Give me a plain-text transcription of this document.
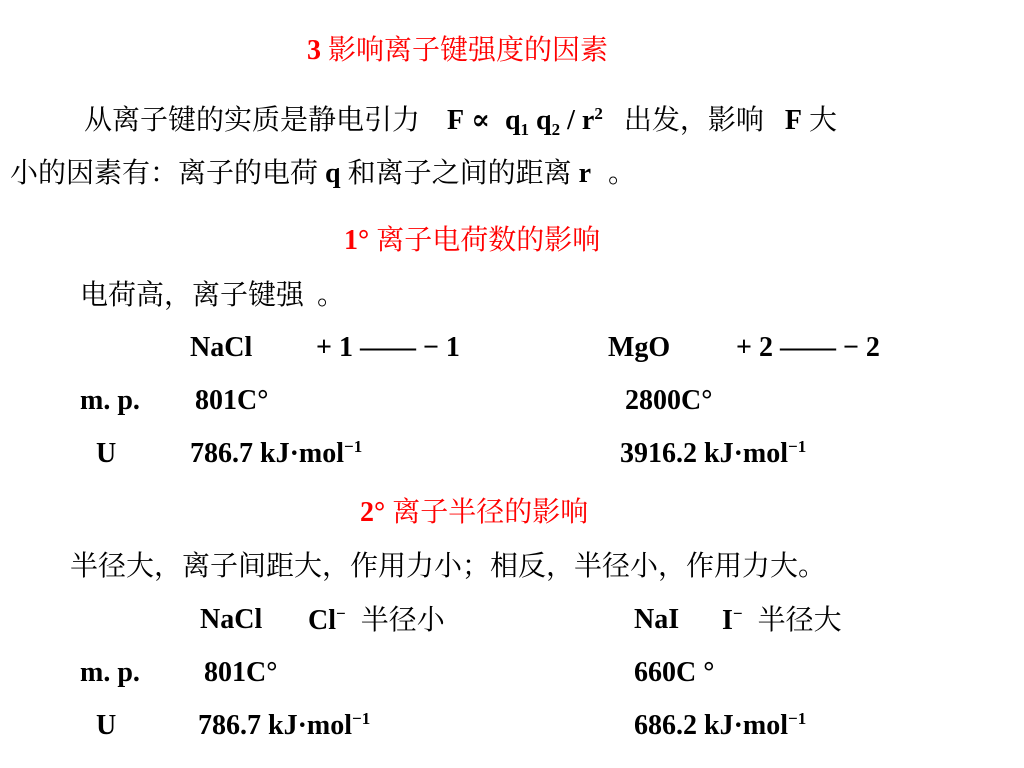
3 影响离子键强度的因素
从离子键的实质是静电引力 $F \propto q_1$ $q_2 / r^2$ 出发，影响 F 大
小的因素有：离子的电荷 q 和离子之间的距离 r 。
1° 离子电荷数的影响
电荷高，离子键强 。
NaCl + 1 —— − 1	MgO + 2 —— − 2
m. p. 801C°	2800C°
U	786.7 kJ·mol$^{-1}$	3916.2 kJ·mol$^{-1}$
2° 离子半径的影响
半径大，离子间距大，作用力小；相反，半径小，作用力大。
NaCl Cl− 半径小	NaI I− 半径大
m. p. 801C°	660C °
U	786.7 kJ·mol$^{-1}$	686.2 kJ·mol$^{-1}$
